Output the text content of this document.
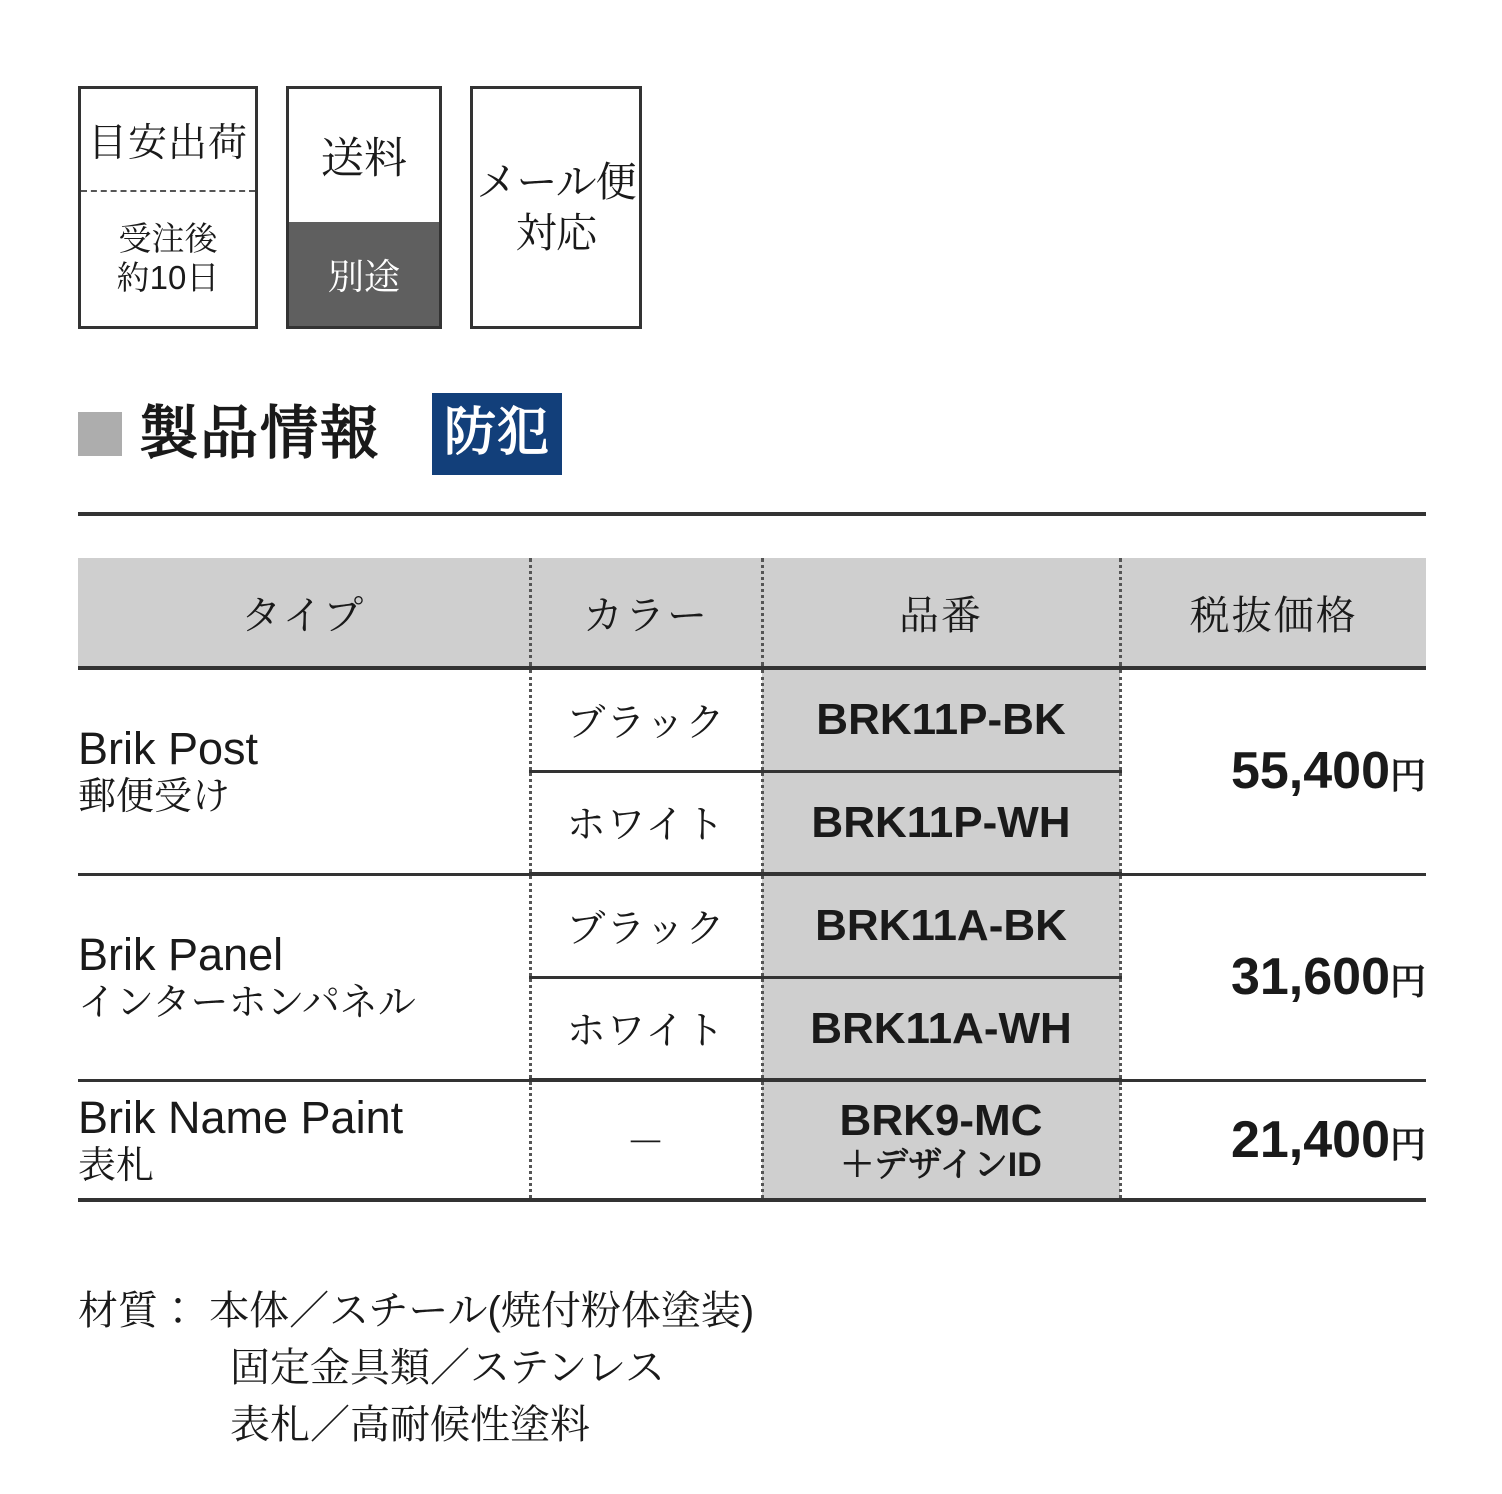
目安出荷
受注後
約10日
送料
別途
メール便
対応
製品情報 防犯
タイプ	カラー	品番	税抜価格

Brik Post
郵便受け	ブラック	BRK11P-BK	55,400円
	ホワイト	BRK11P-WH	

Brik Panel
インターホンパネル	ブラック	BRK11A-BK	31,600円
	ホワイト	BRK11A-WH	

Brik Name Paint
表札
	－	BRK9-MC
＋デザインID	21,400円
材質： 本体／スチール(焼付粉体塗装)
固定金具類／ステンレス
表札／高耐候性塗料
